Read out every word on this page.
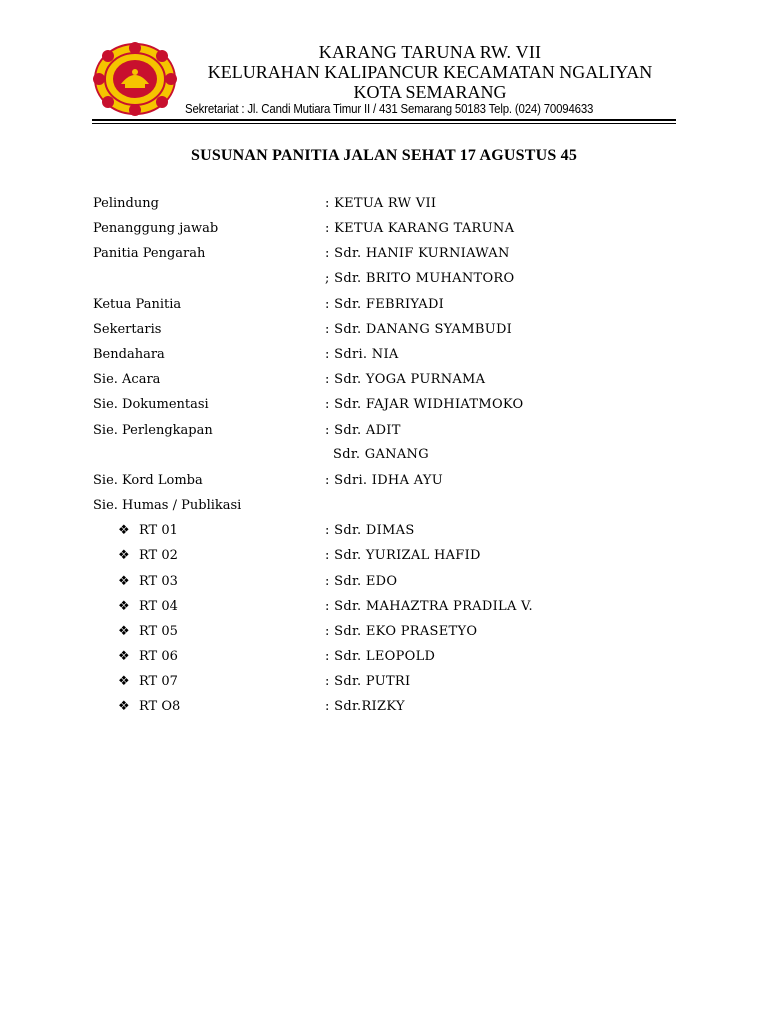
KARANG TARUNA RW. VII
KELURAHAN KALIPANCUR KECAMATAN NGALIYAN
KOTA SEMARANG
Sekretariat : Jl. Candi Mutiara Timur II / 431 Semarang 50183 Telp. (024) 70094633
SUSUNAN PANITIA JALAN SEHAT 17 AGUSTUS 45
Pelindung	: KETUA RW VII
Penanggung jawab	: KETUA KARANG TARUNA
Panitia Pengarah	: Sdr. HANIF KURNIAWAN
; Sdr. BRITO MUHANTORO
Ketua Panitia	: Sdr. FEBRIYADI
Sekertaris	: Sdr. DANANG SYAMBUDI
Bendahara	: Sdri. NIA
Sie. Acara	: Sdr. YOGA PURNAMA
Sie. Dokumentasi	: Sdr. FAJAR WIDHIATMOKO
Sie. Perlengkapan	: Sdr. ADIT
Sdr. GANANG
Sie. Kord Lomba	: Sdri. IDHA AYU
Sie. Humas / Publikasi
❖ RT 01	: Sdr. DIMAS
❖ RT 02	: Sdr. YURIZAL HAFID
❖ RT 03	: Sdr. EDO
❖ RT 04	: Sdr. MAHAZTRA PRADILA V.
❖ RT 05	: Sdr. EKO PRASETYO
❖ RT 06	: Sdr. LEOPOLD
❖ RT 07	: Sdr. PUTRI
❖ RT O8	: Sdr.RIZKY
